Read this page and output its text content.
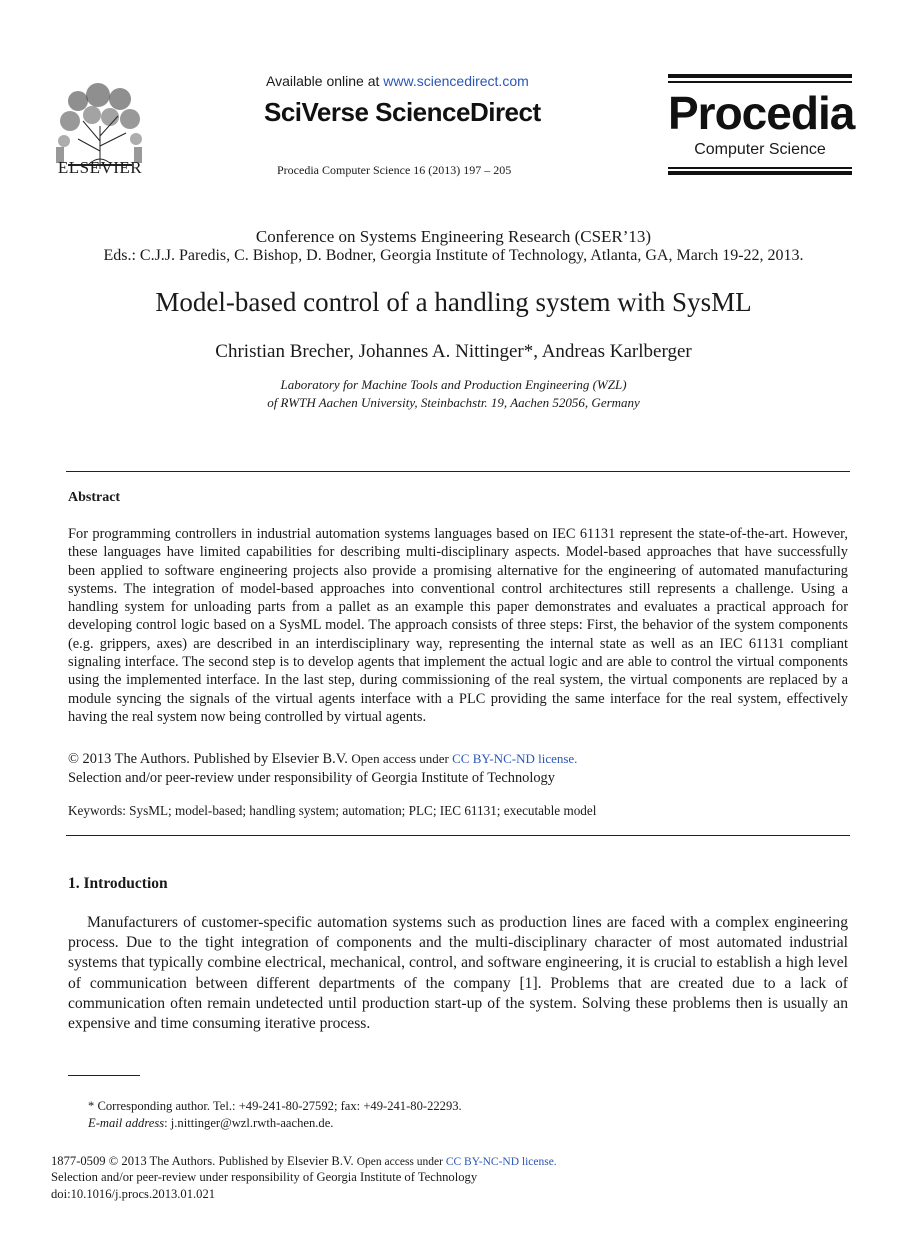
ELSEVIER
Available online at www.sciencedirect.com
SciVerse ScienceDirect
Procedia Computer Science 16 (2013) 197 – 205
Procedia
Computer Science
Conference on Systems Engineering Research (CSER’13)
Eds.: C.J.J. Paredis, C. Bishop, D. Bodner, Georgia Institute of Technology, Atlanta, GA, March 19-22, 2013.
Model-based control of a handling system with SysML
Christian Brecher, Johannes A. Nittinger*, Andreas Karlberger
Laboratory for Machine Tools and Production Engineering (WZL)
of RWTH Aachen University, Steinbachstr. 19, Aachen 52056, Germany
Abstract
For programming controllers in industrial automation systems languages based on IEC 61131 represent the state-of-the-art. However, these languages have limited capabilities for describing multi-disciplinary aspects. Model-based approaches that have successfully been applied to software engineering projects also provide a promising alternative for the engineering of automated manufacturing systems. The integration of model-based approaches into conventional control architectures still represents a challenge. Using a handling system for unloading parts from a pallet as an example this paper demonstrates and evaluates a practical approach for developing control logic based on a SysML model. The approach consists of three steps: First, the behavior of the system components (e.g. grippers, axes) are described in an interdisciplinary way, representing the internal state as well as an IEC 61131 compliant signaling interface. The second step is to develop agents that implement the actual logic and are able to control the virtual components using the implemented interface. In the last step, during commissioning of the real system, the virtual components are replaced by a module syncing the signals of the virtual agents interface with a PLC providing the same interface for the real system, effectively having the real system now being controlled by virtual agents.
© 2013 The Authors. Published by Elsevier B.V. Open access under CC BY-NC-ND license.
Selection and/or peer-review under responsibility of Georgia Institute of Technology
Keywords: SysML; model-based; handling system; automation; PLC; IEC 61131; executable model
1. Introduction
Manufacturers of customer-specific automation systems such as production lines are faced with a complex engineering process. Due to the tight integration of components and the multi-disciplinary character of most automated industrial systems that typically combine electrical, mechanical, control, and software engineering, it is crucial to establish a high level of communication between different departments of the company [1]. Problems that are created due to a lack of communication often remain undetected until production start-up of the system. Solving these problems then is usually an expensive and time consuming iterative process.
* Corresponding author. Tel.: +49-241-80-27592; fax: +49-241-80-22293.
E-mail address: j.nittinger@wzl.rwth-aachen.de.
1877-0509 © 2013 The Authors. Published by Elsevier B.V. Open access under CC BY-NC-ND license.
Selection and/or peer-review under responsibility of Georgia Institute of Technology
doi:10.1016/j.procs.2013.01.021
